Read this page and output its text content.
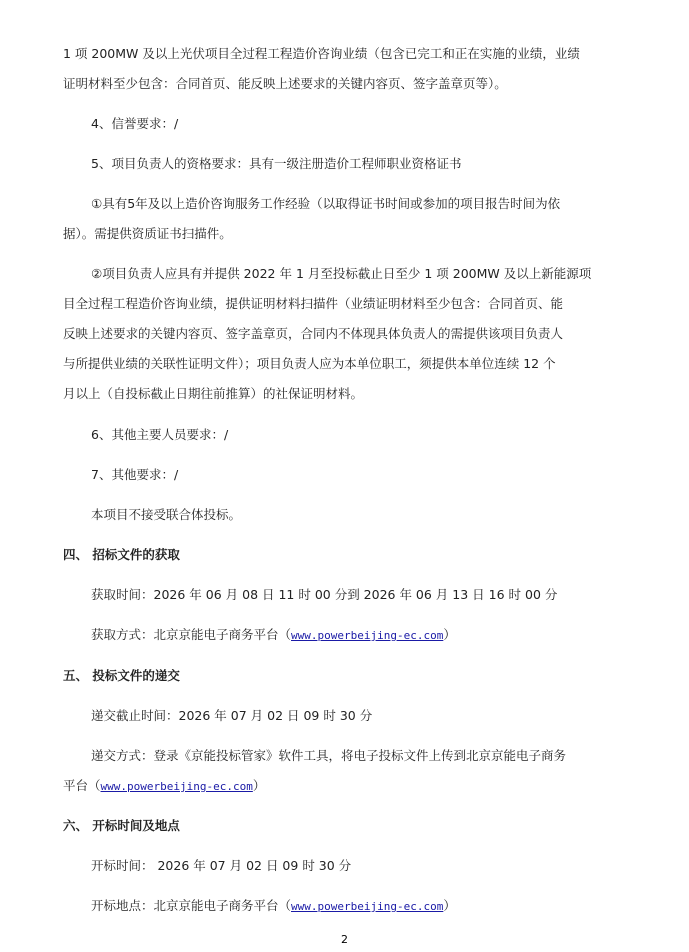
1 项 200MW 及以上光伏项目全过程工程造价咨询业绩（包含已完工和正在实施的业绩，业绩
证明材料至少包含：合同首页、能反映上述要求的关键内容页、签字盖章页等）。
4、信誉要求：/
5、项目负责人的资格要求：具有一级注册造价工程师职业资格证书
①具有5年及以上造价咨询服务工作经验（以取得证书时间或参加的项目报告时间为依
据）。需提供资质证书扫描件。
②项目负责人应具有并提供 2022 年 1 月至投标截止日至少 1 项 200MW 及以上新能源项
目全过程工程造价咨询业绩，提供证明材料扫描件（业绩证明材料至少包含：合同首页、能
反映上述要求的关键内容页、签字盖章页，合同内不体现具体负责人的需提供该项目负责人
与所提供业绩的关联性证明文件）；项目负责人应为本单位职工，须提供本单位连续 12 个
月以上（自投标截止日期往前推算）的社保证明材料。
6、其他主要人员要求：/
7、其他要求：/
本项目不接受联合体投标。
四、 招标文件的获取
获取时间：2026 年 06 月 08 日 11 时 00 分到 2026 年 06 月 13 日 16 时 00 分
获取方式：北京京能电子商务平台（www.powerbeijing-ec.com）
五、 投标文件的递交
递交截止时间：2026 年 07 月 02 日 09 时 30 分
递交方式：登录《京能投标管家》软件工具，将电子投标文件上传到北京京能电子商务
平台（www.powerbeijing-ec.com）
六、 开标时间及地点
开标时间： 2026 年 07 月 02 日 09 时 30 分
开标地点：北京京能电子商务平台（www.powerbeijing-ec.com）
2
